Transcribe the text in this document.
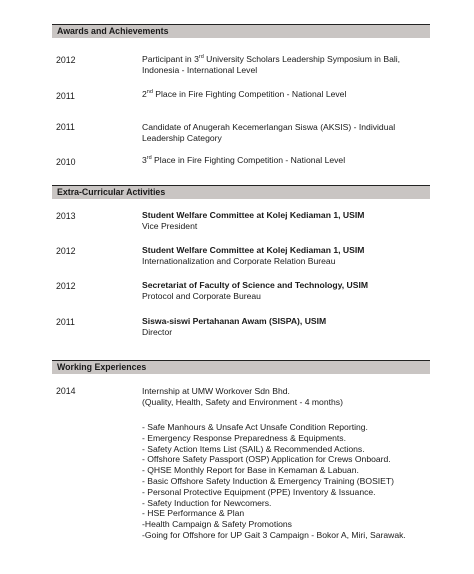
Awards and Achievements
2012	Participant in 3rd University Scholars Leadership Symposium in Bali, Indonesia - International Level
2011	2nd Place in Fire Fighting Competition - National Level
2011	Candidate of Anugerah Kecemerlangan Siswa (AKSIS) - Individual Leadership Category
2010	3rd Place in Fire Fighting Competition - National Level
Extra-Curricular Activities
2013	Student Welfare Committee at Kolej Kediaman 1, USIM
Vice President
2012	Student Welfare Committee at Kolej Kediaman 1, USIM
Internationalization and Corporate Relation Bureau
2012	Secretariat of Faculty of Science and Technology, USIM
Protocol and Corporate Bureau
2011	Siswa-siswi Pertahanan Awam (SISPA), USIM
Director
Working Experiences
2014	Internship at UMW Workover Sdn Bhd.
(Quality, Health, Safety and Environment - 4 months)
- Safe Manhours & Unsafe Act Unsafe Condition Reporting.
- Emergency Response Preparedness & Equipments.
- Safety Action Items List (SAIL) & Recommended Actions.
- Offshore Safety Passport (OSP) Application for Crews Onboard.
- QHSE Monthly Report for Base in Kemaman & Labuan.
- Basic Offshore Safety Induction & Emergency Training (BOSIET)
- Personal Protective Equipment (PPE) Inventory & Issuance.
- Safety Induction for Newcomers.
- HSE Performance & Plan
-Health Campaign & Safety Promotions
-Going for Offshore for UP Gait 3 Campaign - Bokor A, Miri, Sarawak.
